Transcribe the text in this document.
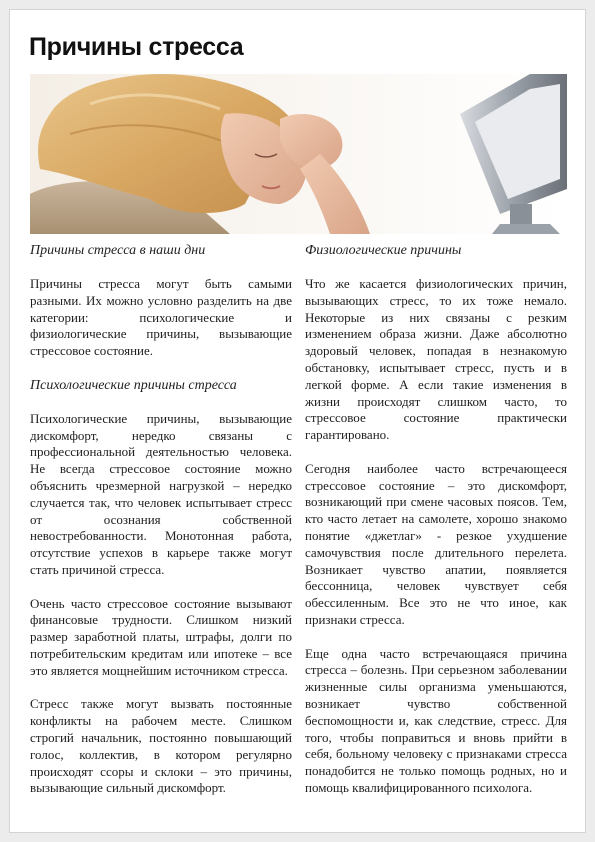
Причины стресса
Причины стресса в наши дни

Причины стресса могут быть самыми разными. Их можно условно разделить на две категории: психологические и физиологические причины, вызывающие стрессовое состояние.

Психологические причины стресса

Психологические причины, вызывающие дискомфорт, нередко связаны с профессиональной деятельностью человека. Не всегда стрессовое состояние можно объяснить чрезмерной нагрузкой – нередко случается так, что человек испытывает стресс от осознания собственной невостребованности. Монотонная работа, отсутствие успехов в карьере также могут стать причиной стресса.

Очень часто стрессовое состояние вызывают финансовые трудности. Слишком низкий размер заработной платы, штрафы, долги по потребительским кредитам или ипотеке – все это является мощнейшим источником стресса.

Стресс также могут вызвать постоянные конфликты на рабочем месте. Слишком строгий начальник, постоянно повышающий голос, коллектив, в котором регулярно происходят ссоры и склоки – это причины, вызывающие сильный дискомфорт.

Физиологические причины

Что же касается физиологических причин, вызывающих стресс, то их тоже немало. Некоторые из них связаны с резким изменением образа жизни. Даже абсолютно здоровый человек, попадая в незнакомую обстановку, испытывает стресс, пусть и в легкой форме. А если такие изменения в жизни происходят слишком часто, то стрессовое состояние практически гарантировано.

Сегодня наиболее часто встречающееся стрессовое состояние – это дискомфорт, возникающий при смене часовых поясов. Тем, кто часто летает на самолете, хорошо знакомо понятие «джетлаг» - резкое ухудшение самочувствия после длительного перелета. Возникает чувство апатии, появляется бессонница, человек чувствует себя обессиленным. Все это не что иное, как признаки стресса.

Еще одна часто встречающаяся причина стресса – болезнь. При серьезном заболевании жизненные силы организма уменьшаются, возникает чувство собственной беспомощности и, как следствие, стресс. Для того, чтобы поправиться и вновь прийти в себя, больному человеку с признаками стресса понадобится не только помощь родных, но и помощь квалифицированного психолога.
